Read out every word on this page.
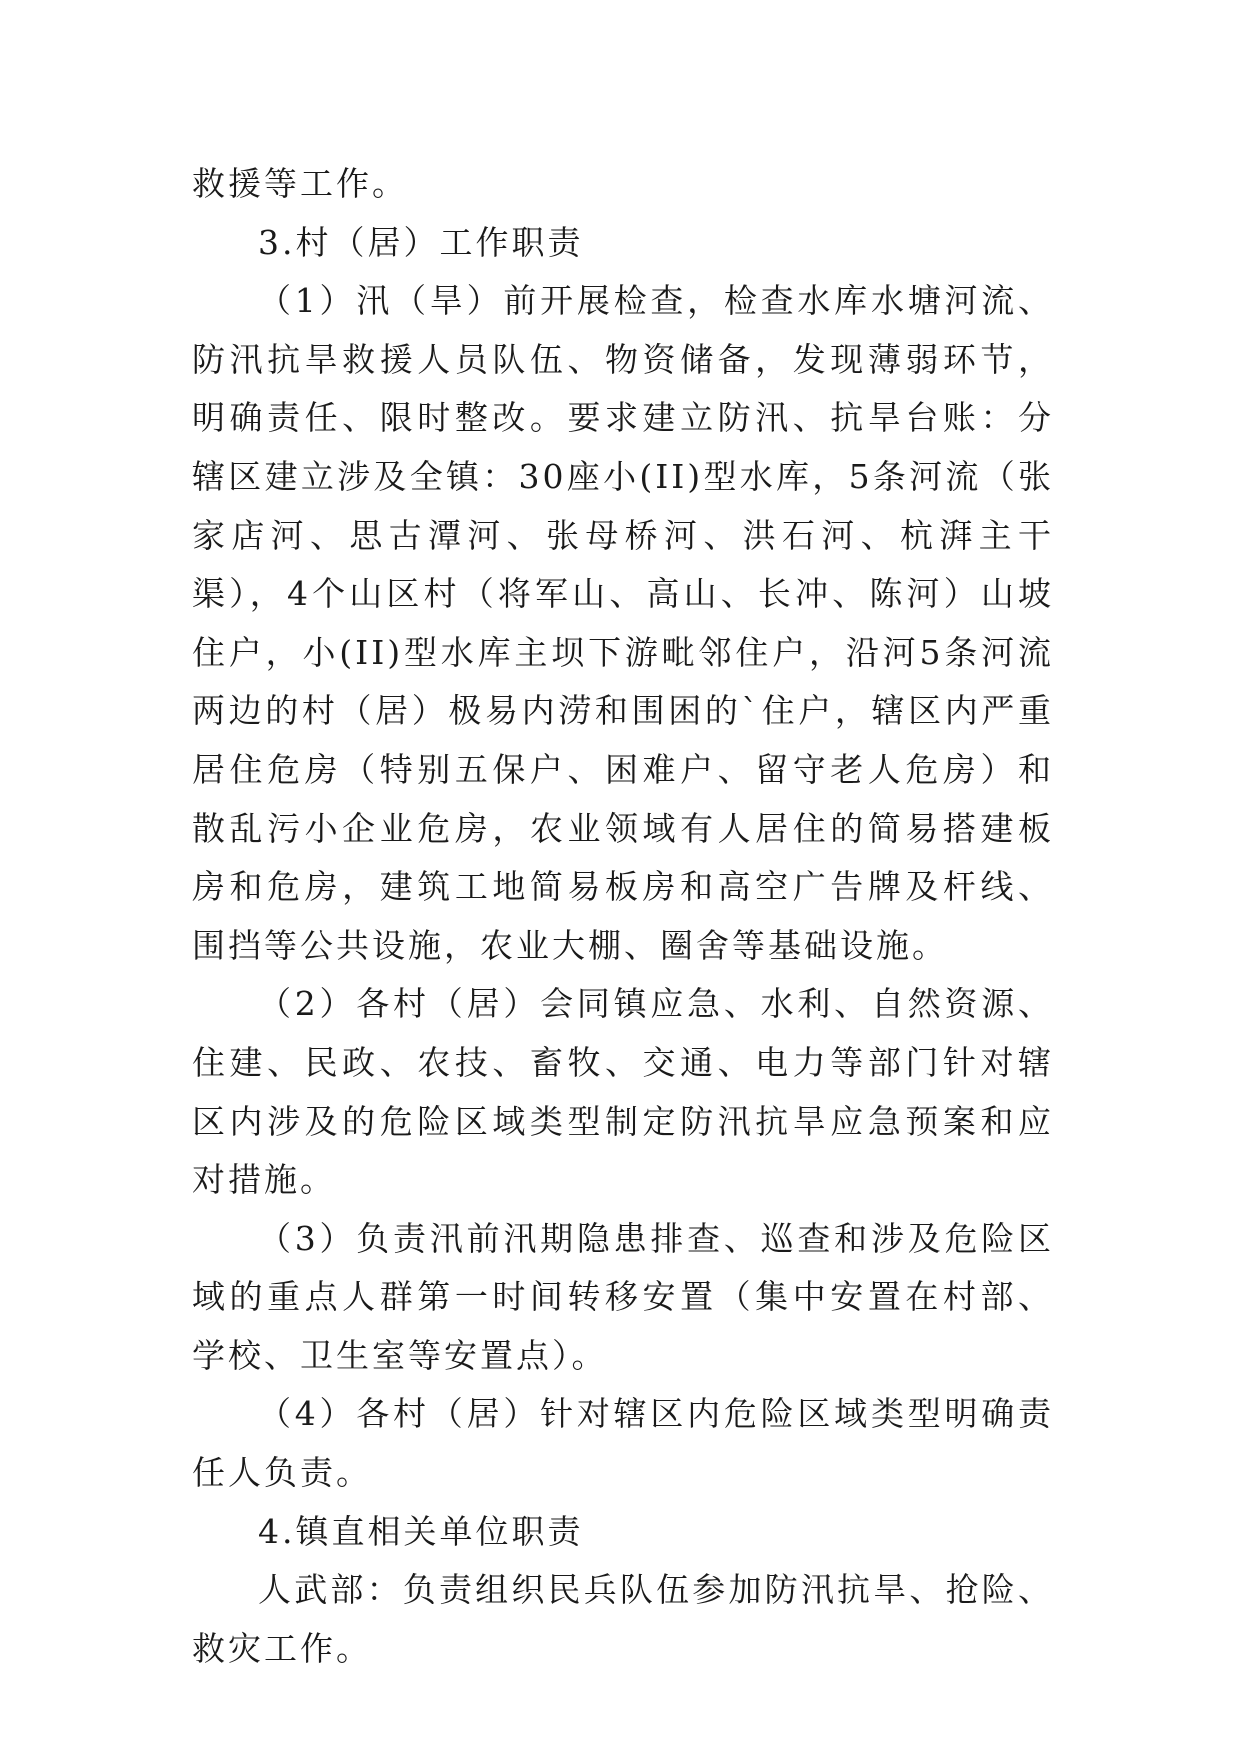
救援等工作。

3.村（居）工作职责

（1）汛（旱）前开展检查，检查水库水塘河流、防汛抗旱救援人员队伍、物资储备，发现薄弱环节，明确责任、限时整改。要求建立防汛、抗旱台账：分辖区建立涉及全镇：30座小(II)型水库，5条河流（张家店河、思古潭河、张母桥河、洪石河、杭湃主干渠），4个山区村（将军山、高山、长冲、陈河）山坡住户，小(II)型水库主坝下游毗邻住户，沿河5条河流两边的村（居）极易内涝和围困的`住户，辖区内严重居住危房（特别五保户、困难户、留守老人危房）和散乱污小企业危房，农业领域有人居住的简易搭建板房和危房，建筑工地简易板房和高空广告牌及杆线、围挡等公共设施，农业大棚、圈舍等基础设施。

（2）各村（居）会同镇应急、水利、自然资源、住建、民政、农技、畜牧、交通、电力等部门针对辖区内涉及的危险区域类型制定防汛抗旱应急预案和应对措施。

（3）负责汛前汛期隐患排查、巡查和涉及危险区域的重点人群第一时间转移安置（集中安置在村部、学校、卫生室等安置点）。

（4）各村（居）针对辖区内危险区域类型明确责任人负责。

4.镇直相关单位职责

人武部：负责组织民兵队伍参加防汛抗旱、抢险、救灾工作。
